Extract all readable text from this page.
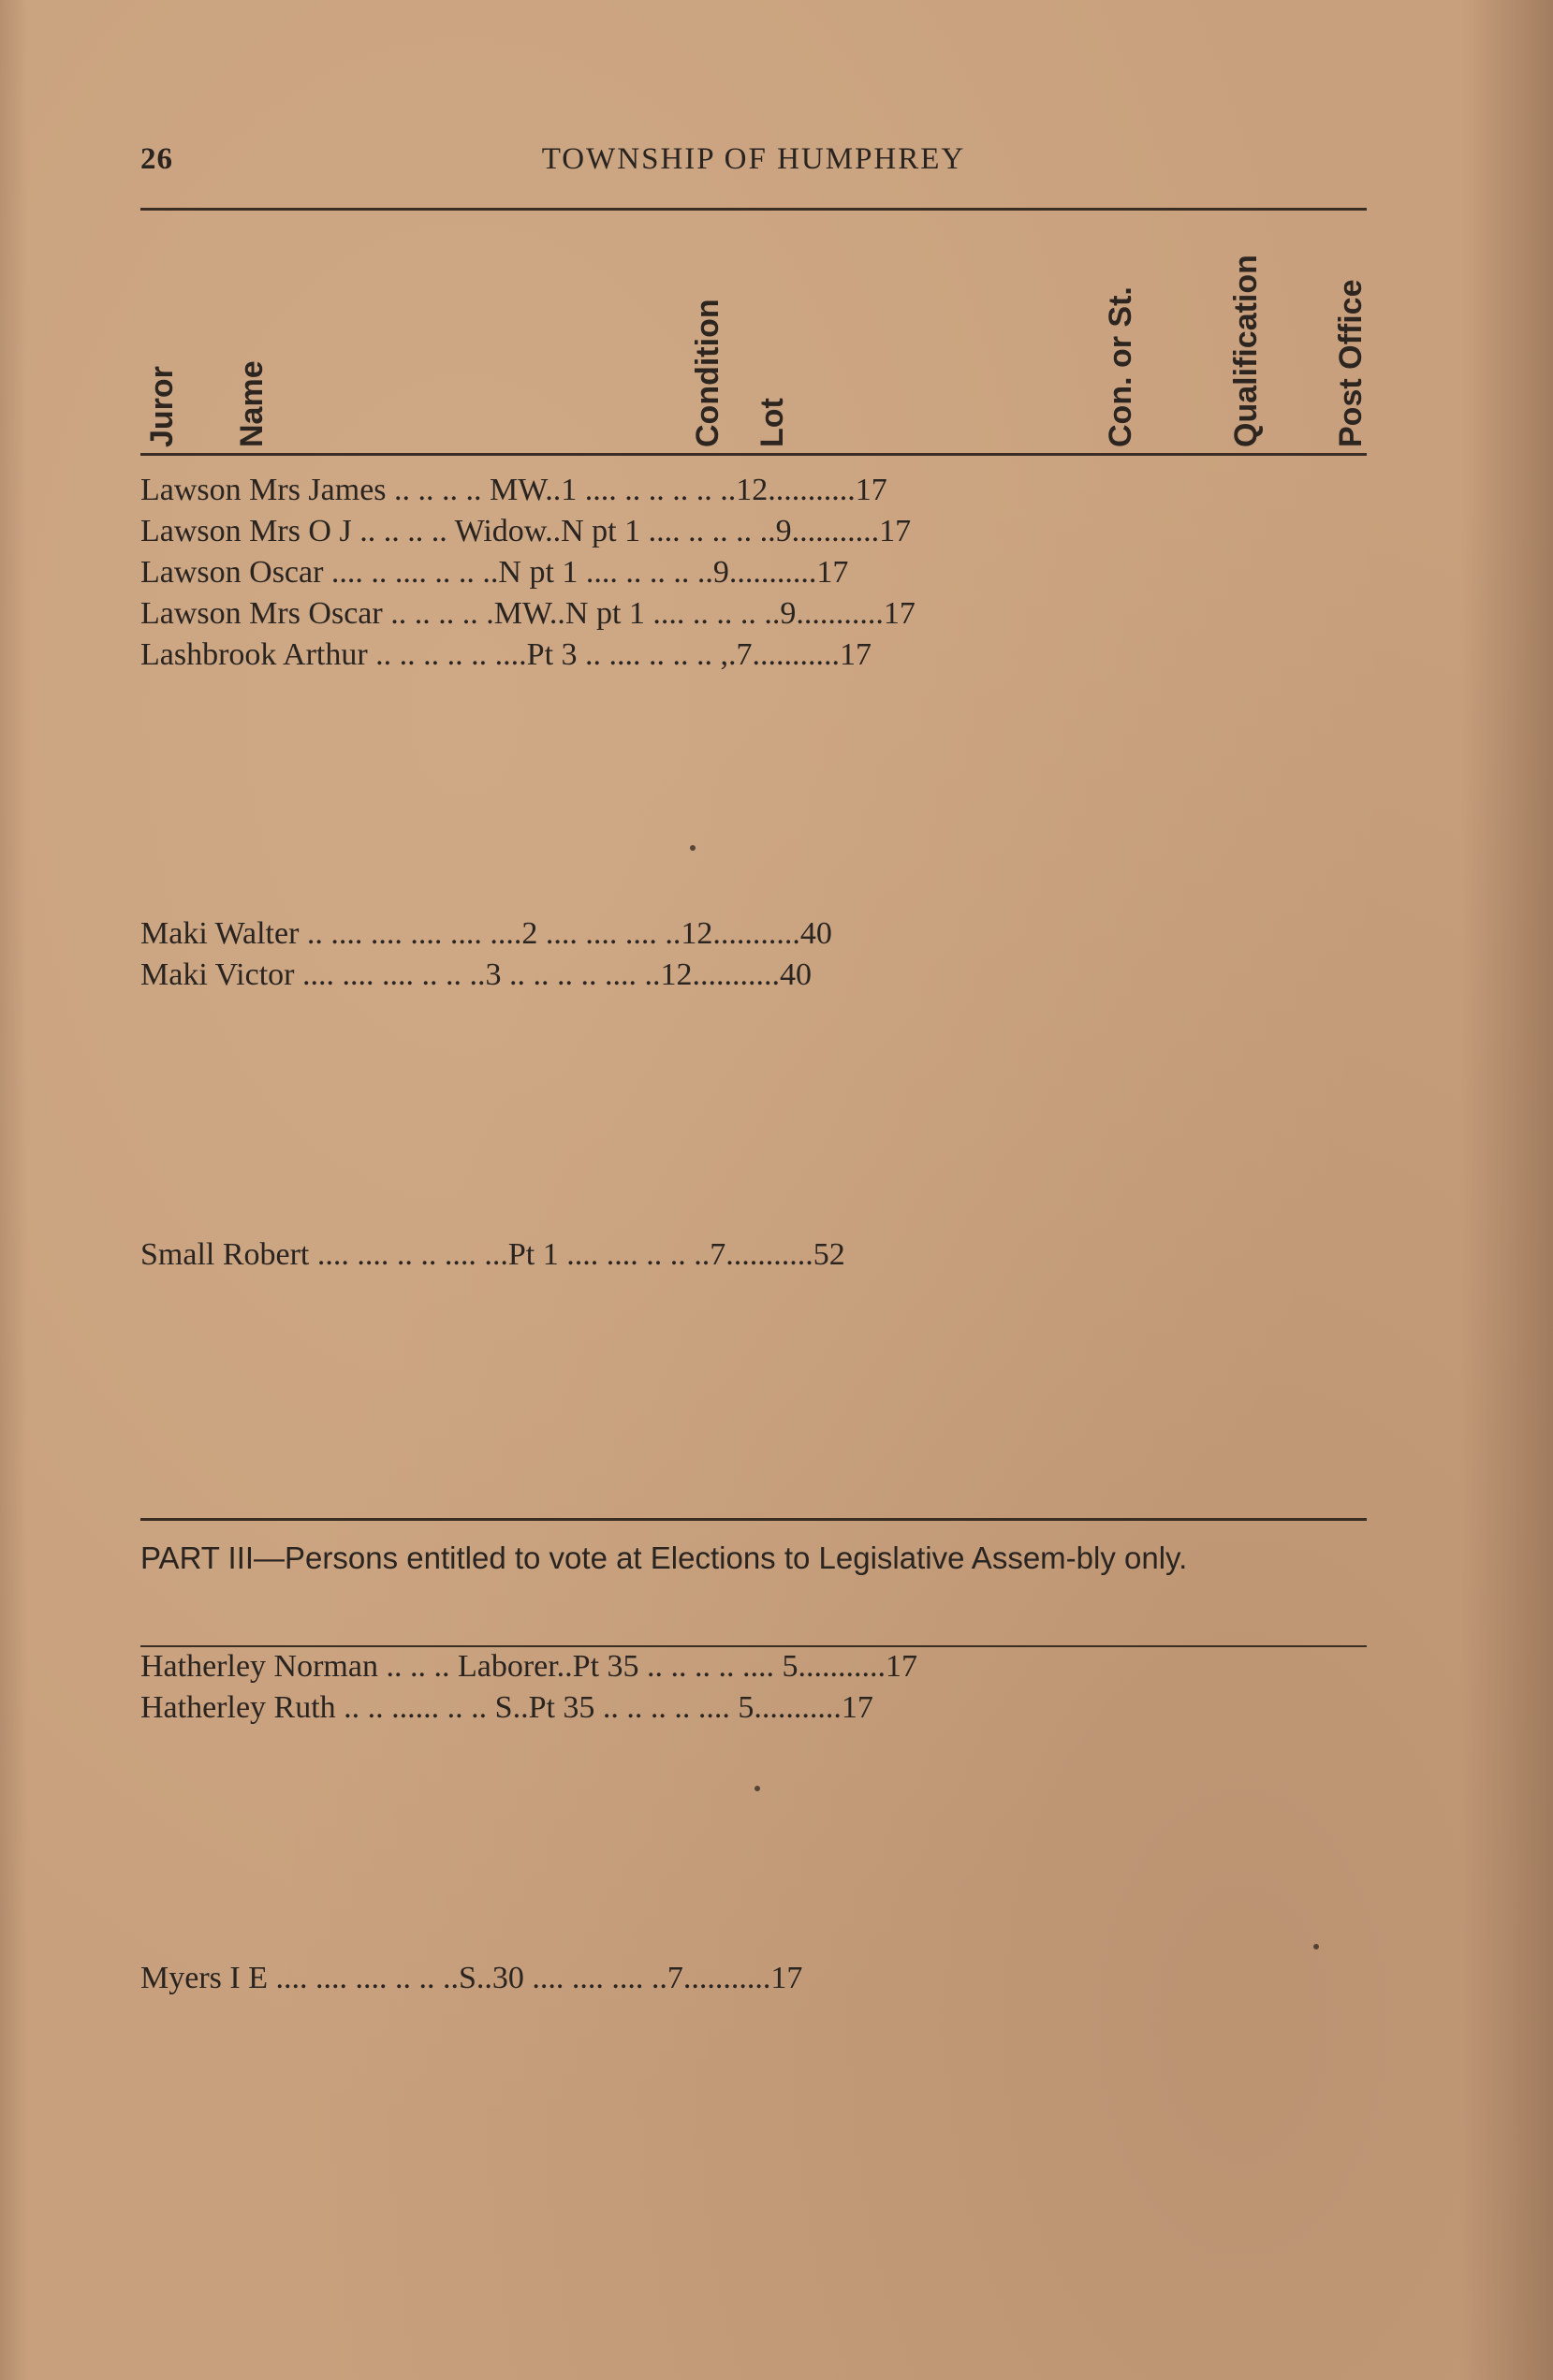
26	TOWNSHIP OF HUMPHREY
Juror Name	Condition Lot	Con. or St.	Qualification Post Office
Lawson Mrs James .. .. .. .. MW..1 .... .. .. .. .. ..12...........17
Lawson Mrs O J .. .. .. .. Widow..N pt 1 .... .. .. .. ..9...........17
Lawson Oscar .... .. .... .. .. ..N pt 1 .... .. .. .. ..9...........17
Lawson Mrs Oscar .. .. .. .. .MW..N pt 1 .... .. .. .. ..9...........17
Lashbrook Arthur .. .. .. .. .. ....Pt 3 .. .... .. .. .. ,.7...........17
Maki Walter .. .... .... .... .... ....2 .... .... .... ..12...........40
Maki Victor .... .... .... .. .. ..3 .. .. .. .. .... ..12...........40
Small Robert .... .... .. .. .... ...Pt 1 .... .... .. .. ..7...........52
PART III—Persons entitled to vote at Elections to Legislative Assem-bly only.
Hatherley Norman .. .. .. Laborer..Pt 35 .. .. .. .. .... 5...........17
Hatherley Ruth .. .. ...... .. .. S..Pt 35 .. .. .. .. .... 5...........17
Myers I E .... .... .... .. .. ..S..30 .... .... .... ..7...........17
